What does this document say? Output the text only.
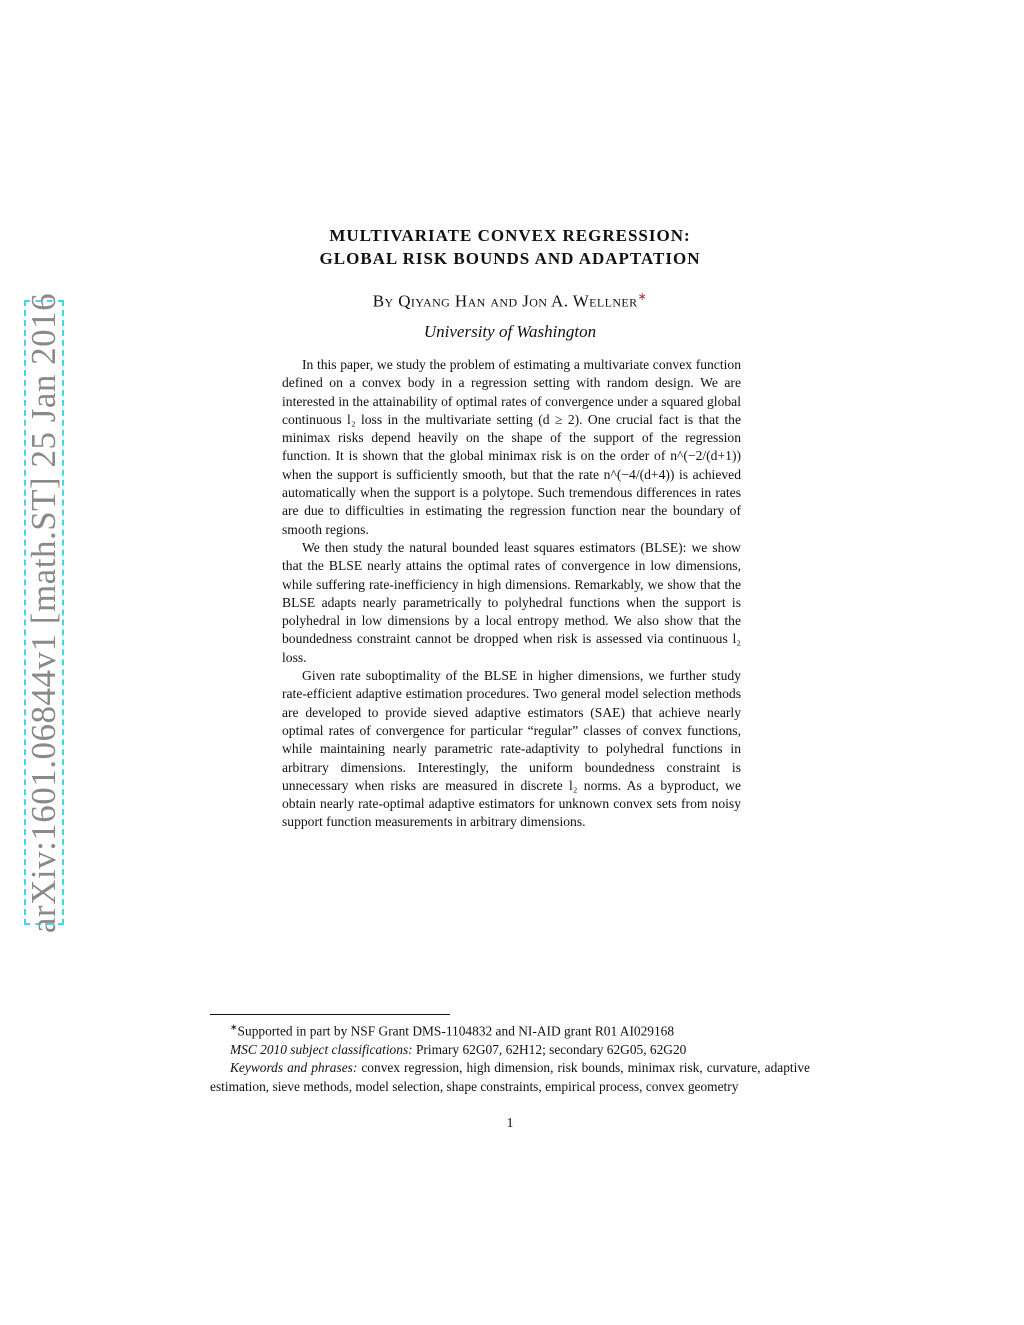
arXiv:1601.06844v1 [math.ST] 25 Jan 2016
MULTIVARIATE CONVEX REGRESSION:
GLOBAL RISK BOUNDS AND ADAPTATION
By Qiyang Han and Jon A. Wellner∗
University of Washington

In this paper, we study the problem of estimating a multivariate convex function defined on a convex body in a regression setting with random design. We are interested in the attainability of optimal rates of convergence under a squared global continuous l₂ loss in the multivariate setting (d ≥ 2). One crucial fact is that the minimax risks depend heavily on the shape of the support of the regression function. It is shown that the global minimax risk is on the order of n^(−2/(d+1)) when the support is sufficiently smooth, but that the rate n^(−4/(d+4)) is achieved automatically when the support is a polytope. Such tremendous differences in rates are due to difficulties in estimating the regression function near the boundary of smooth regions.

We then study the natural bounded least squares estimators (BLSE): we show that the BLSE nearly attains the optimal rates of convergence in low dimensions, while suffering rate-inefficiency in high dimensions. Remarkably, we show that the BLSE adapts nearly parametrically to polyhedral functions when the support is polyhedral in low dimensions by a local entropy method. We also show that the boundedness constraint cannot be dropped when risk is assessed via continuous l₂ loss.

Given rate suboptimality of the BLSE in higher dimensions, we further study rate-efficient adaptive estimation procedures. Two general model selection methods are developed to provide sieved adaptive estimators (SAE) that achieve nearly optimal rates of convergence for particular “regular” classes of convex functions, while maintaining nearly parametric rate-adaptivity to polyhedral functions in arbitrary dimensions. Interestingly, the uniform boundedness constraint is unnecessary when risks are measured in discrete l₂ norms. As a byproduct, we obtain nearly rate-optimal adaptive estimators for unknown convex sets from noisy support function measurements in arbitrary dimensions.

∗Supported in part by NSF Grant DMS-1104832 and NI-AID grant R01 AI029168

MSC 2010 subject classifications: Primary 62G07, 62H12; secondary 62G05, 62G20

Keywords and phrases: convex regression, high dimension, risk bounds, minimax risk, curvature, adaptive estimation, sieve methods, model selection, shape constraints, empirical process, convex geometry

1
